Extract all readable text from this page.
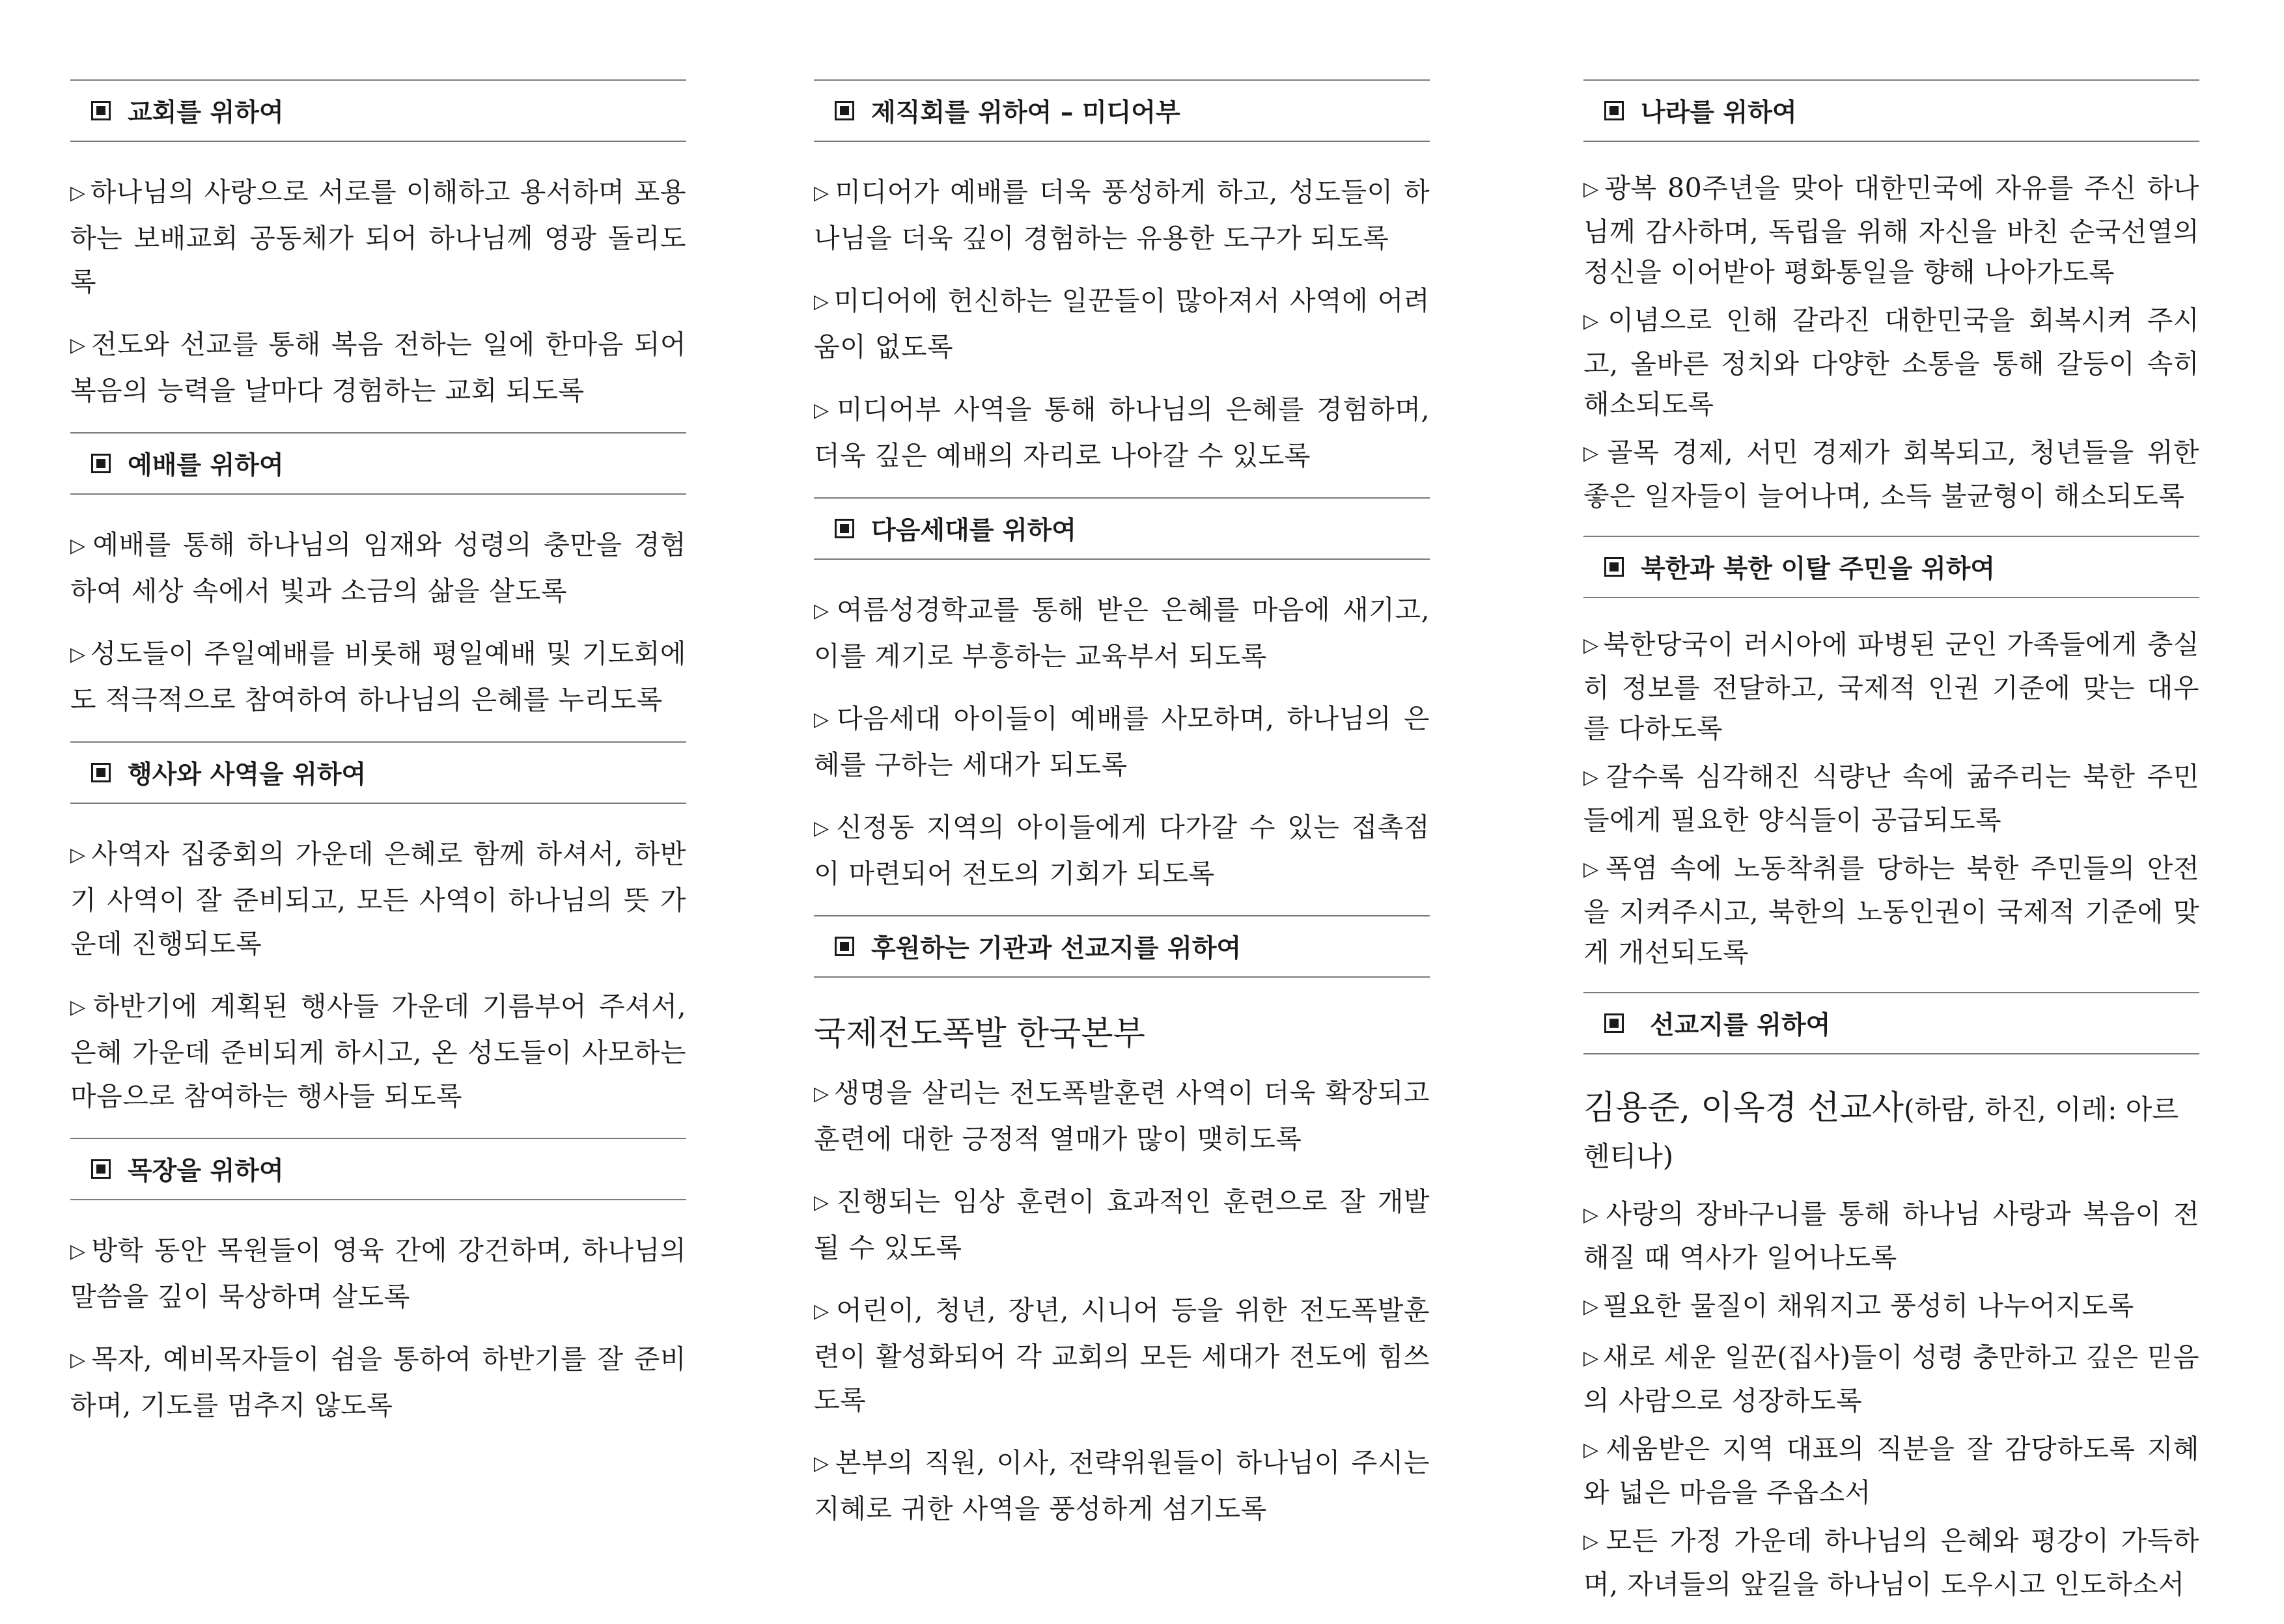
교회를 위하여
▷ 하나님의 사랑으로 서로를 이해하고 용서하며 포용하는 보배교회 공동체가 되어 하나님께 영광 돌리도록
▷ 전도와 선교를 통해 복음 전하는 일에 한마음 되어 복음의 능력을 날마다 경험하는 교회 되도록
예배를 위하여
▷ 예배를 통해 하나님의 임재와 성령의 충만을 경험하여 세상 속에서 빛과 소금의 삶을 살도록
▷ 성도들이 주일예배를 비롯해 평일예배 및 기도회에도 적극적으로 참여하여 하나님의 은혜를 누리도록
행사와 사역을 위하여
▷ 사역자 집중회의 가운데 은혜로 함께 하셔서, 하반기 사역이 잘 준비되고, 모든 사역이 하나님의 뜻 가운데 진행되도록
▷ 하반기에 계획된 행사들 가운데 기름부어 주셔서, 은혜 가운데 준비되게 하시고, 온 성도들이 사모하는 마음으로 참여하는 행사들 되도록
목장을 위하여
▷ 방학 동안 목원들이 영육 간에 강건하며, 하나님의 말씀을 깊이 묵상하며 살도록
▷ 목자, 예비목자들이 쉼을 통하여 하반기를 잘 준비하며, 기도를 멈추지 않도록
제직회를 위하여 – 미디어부
▷ 미디어가 예배를 더욱 풍성하게 하고, 성도들이 하나님을 더욱 깊이 경험하는 유용한 도구가 되도록
▷ 미디어에 헌신하는 일꾼들이 많아져서 사역에 어려움이 없도록
▷ 미디어부 사역을 통해 하나님의 은혜를 경험하며, 더욱 깊은 예배의 자리로 나아갈 수 있도록
다음세대를 위하여
▷ 여름성경학교를 통해 받은 은혜를 마음에 새기고, 이를 계기로 부흥하는 교육부서 되도록
▷ 다음세대 아이들이 예배를 사모하며, 하나님의 은혜를 구하는 세대가 되도록
▷ 신정동 지역의 아이들에게 다가갈 수 있는 접촉점이 마련되어 전도의 기회가 되도록
후원하는 기관과 선교지를 위하여
국제전도폭발 한국본부
▷ 생명을 살리는 전도폭발훈련 사역이 더욱 확장되고 훈련에 대한 긍정적 열매가 많이 맺히도록
▷ 진행되는 임상 훈련이 효과적인 훈련으로 잘 개발될 수 있도록
▷ 어린이, 청년, 장년, 시니어 등을 위한 전도폭발훈련이 활성화되어 각 교회의 모든 세대가 전도에 힘쓰도록
▷ 본부의 직원, 이사, 전략위원들이 하나님이 주시는 지혜로 귀한 사역을 풍성하게 섬기도록
나라를 위하여
▷ 광복 80주년을 맞아 대한민국에 자유를 주신 하나님께 감사하며, 독립을 위해 자신을 바친 순국선열의 정신을 이어받아 평화통일을 향해 나아가도록
▷ 이념으로 인해 갈라진 대한민국을 회복시켜 주시고, 올바른 정치와 다양한 소통을 통해 갈등이 속히 해소되도록
▷ 골목 경제, 서민 경제가 회복되고, 청년들을 위한 좋은 일자들이 늘어나며, 소득 불균형이 해소되도록
북한과 북한 이탈 주민을 위하여
▷ 북한당국이 러시아에 파병된 군인 가족들에게 충실히 정보를 전달하고, 국제적 인권 기준에 맞는 대우를 다하도록
▷ 갈수록 심각해진 식량난 속에 굶주리는 북한 주민들에게 필요한 양식들이 공급되도록
▷ 폭염 속에 노동착취를 당하는 북한 주민들의 안전을 지켜주시고, 북한의 노동인권이 국제적 기준에 맞게 개선되도록
선교지를 위하여
김용준, 이옥경 선교사(하람, 하진, 이레: 아르헨티나)
▷ 사랑의 장바구니를 통해 하나님 사랑과 복음이 전해질 때 역사가 일어나도록
▷ 필요한 물질이 채워지고 풍성히 나누어지도록
▷ 새로 세운 일꾼(집사)들이 성령 충만하고 깊은 믿음의 사람으로 성장하도록
▷ 세움받은 지역 대표의 직분을 잘 감당하도록 지혜와 넓은 마음을 주옵소서
▷ 모든 가정 가운데 하나님의 은혜와 평강이 가득하며, 자녀들의 앞길을 하나님이 도우시고 인도하소서
